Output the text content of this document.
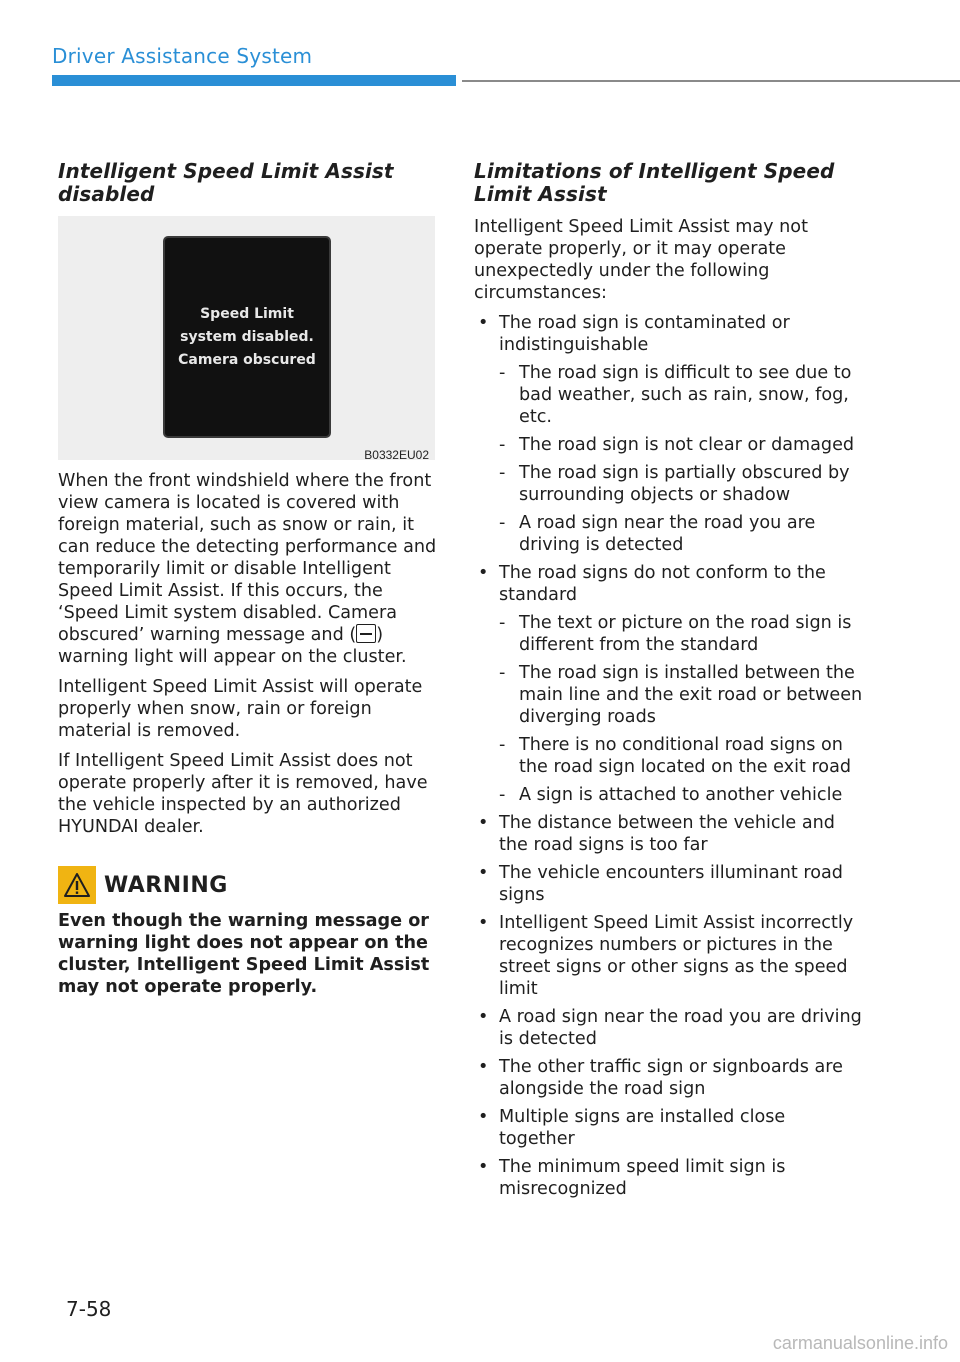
Driver Assistance System
Intelligent Speed Limit Assist disabled
Speed Limit
system disabled.
Camera obscured
B0332EU02

When the front windshield where the front view camera is located is covered with foreign material, such as snow or rain, it can reduce the detecting performance and temporarily limit or disable Intelligent Speed Limit Assist. If this occurs, the ‘Speed Limit system disabled. Camera obscured’ warning message and ( ) warning light will appear on the cluster.

Intelligent Speed Limit Assist will operate properly when snow, rain or foreign material is removed.

If Intelligent Speed Limit Assist does not operate properly after it is removed, have the vehicle inspected by an authorized HYUNDAI dealer.

WARNING

Even though the warning message or warning light does not appear on the cluster, Intelligent Speed Limit Assist may not operate properly.

Limitations of Intelligent Speed Limit Assist

Intelligent Speed Limit Assist may not operate properly, or it may operate unexpectedly under the following circumstances:

• The road sign is contaminated or indistinguishable
- The road sign is difficult to see due to bad weather, such as rain, snow, fog, etc.
- The road sign is not clear or damaged
- The road sign is partially obscured by surrounding objects or shadow
- A road sign near the road you are driving is detected
• The road signs do not conform to the standard
- The text or picture on the road sign is different from the standard
- The road sign is installed between the main line and the exit road or between diverging roads
- There is no conditional road signs on the road sign located on the exit road
- A sign is attached to another vehicle
• The distance between the vehicle and the road signs is too far
• The vehicle encounters illuminant road signs
• Intelligent Speed Limit Assist incorrectly recognizes numbers or pictures in the street signs or other signs as the speed limit
• A road sign near the road you are driving is detected
• The other traffic sign or signboards are alongside the road sign
• Multiple signs are installed close together
• The minimum speed limit sign is misrecognized
7-58
carmanualsonline.info
